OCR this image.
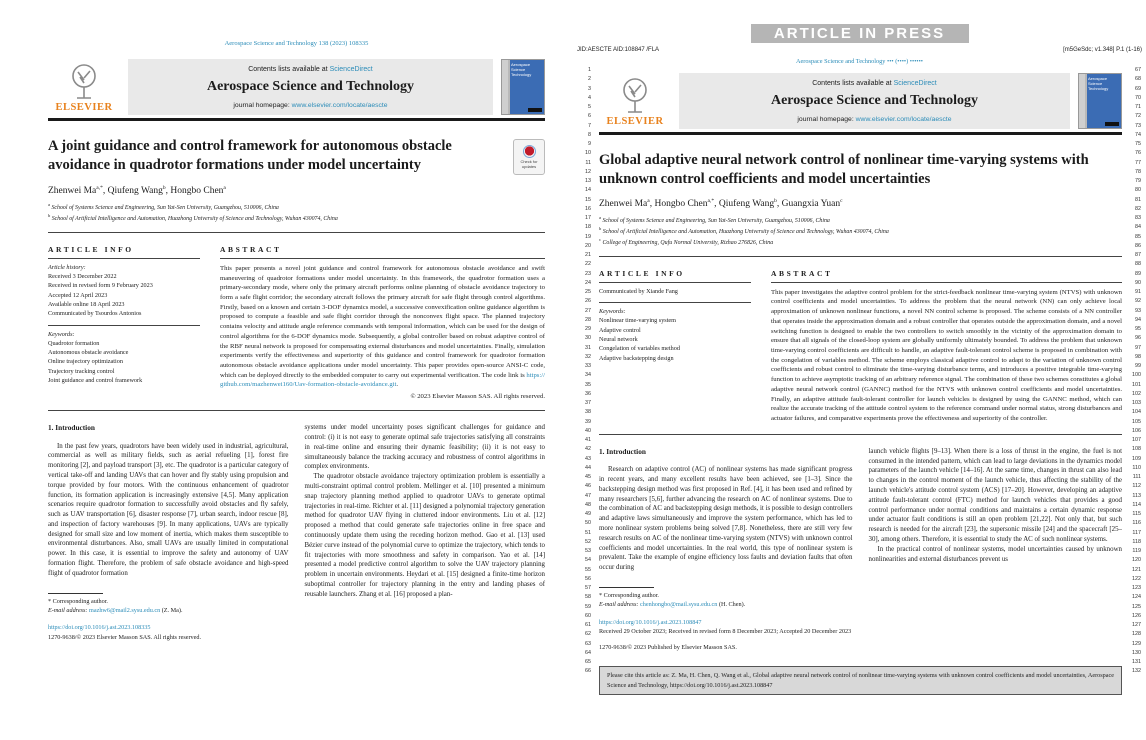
Aerospace Science and Technology 138 (2023) 108335
ELSEVIER
Contents lists available at ScienceDirect
Aerospace Science and Technology
journal homepage: www.elsevier.com/locate/aescte
Aerospace Science Technology
A joint guidance and control framework for autonomous obstacle avoidance in quadrotor formations under model uncertainty	Check for updates

Zhenwei $Ma^{a,*}$, Qiufeng Wang$^b$, Hongbo Chen$^a$

$^a$ School of Systems Science and Engineering, Sun Yat-Sen University, Guangzhou, 510006, China
$^b$ School of Artificial Intelligence and Automation, Huazhong University of Science and Technology, Wuhan 430074, China
ARTICLE INFO
Article history:
Received 3 December 2022
Received in revised form 9 February 2023
Accepted 12 April 2023
Available online 18 April 2023
Communicated by Tsourdos Antonios
Keywords:
Quadrotor formation
Autonomous obstacle avoidance
Online trajectory optimization
Trajectory tracking control
Joint guidance and control framework
ABSTRACT
This paper presents a novel joint guidance and control framework for autonomous obstacle avoidance and swift maneuvering of quadrotor formations under model uncertainty. In this framework, the quadrotor formation uses a primary-secondary mode, where only the primary aircraft performs online planning of obstacle avoidance trajectory to form a safe flight corridor; the secondary aircraft follows the primary aircraft for safe flight through control algorithms. Firstly, based on a known and certain 3-DOF dynamics model, a successive convexification online guidance algorithm is proposed to compute a feasible and safe flight corridor through the nonconvex flight space. The planned trajectory contains velocity and attitude angle reference commands with temporal information, which can be used for the design of control algorithms for the 6-DOF dynamics mode. Subsequently, a global controller based on robust adaptive control of the RBF neural network is proposed for compensating external disturbances and model uncertainties. Finally, simulation experiments verify the effectiveness and superiority of this guidance and control framework for quadrotor formation autonomous obstacle avoidance applications under model uncertainty. This paper provides open-source ANSI-C code, which can be deployed directly to the embedded computer to carry out experimental verification. The code link is https://github.com/mazhenwei160/Uav-formation-obstacle-avoidance.git.
© 2023 Elsevier Masson SAS. All rights reserved.
1. Introduction

In the past few years, quadrotors have been widely used in industrial, agricultural, commercial as well as military fields, such as aerial refueling [1], forest fire monitoring [2], and payload transport [3], etc. The quadrotor is a particular category of vertical take-off and landing UAVs that can hover and fly stably using propulsion and torque provided by four motors. With the continuous enhancement of quadrotor function, its formation application is increasingly extensive [4,5]. Many application scenarios require quadrotor formation to successfully avoid obstacles and fly safely, such as UAV transportation [6], disaster response [7], urban search, indoor rescue [8], and inspection of factory warehouses [9]. In many applications, UAVs are typically designed for small size and low moment of inertia, which makes them susceptible to environmental disturbances. Also, small UAVs are usually limited in computational power. In this case, it is essential to improve the safety and autonomy of UAV formation flight. Therefore, the problem of safe obstacle avoidance and high-speed flight of quadrotor formation

* Corresponding author.
E-mail address: mazhw6@mail2.sysu.edu.cn (Z. Ma).
https://doi.org/10.1016/j.ast.2023.108335
1270-9638/© 2023 Elsevier Masson SAS. All rights reserved.

systems under model uncertainty poses significant challenges for guidance and control: (i) it is not easy to generate optimal safe trajectories satisfying all constraints in real-time online and ensuring their dynamic feasibility; (ii) it is not easy to simultaneously balance the tracking accuracy and robustness of control algorithms in complex environments.

The quadrotor obstacle avoidance trajectory optimization problem is essentially a multi-constraint optimal control problem. Mellinger et al. [10] presented a minimum snap trajectory planning method applied to quadrotor UAVs to generate optimal trajectories in real-time. Richter et al. [11] designed a polynomial trajectory generation method for quadrotor UAV flying in cluttered indoor environments. Liu et al. [12] proposed a method that could generate safe trajectories online in free space and continuously update them using the receding horizon method. Gao et al. [13] used Bézier curve instead of the polynomial curve to optimize the trajectory, which tends to fit trajectories with more smoothness and safety in comparison. Yao et al. [14] presented a model predictive control algorithm to solve the UAV trajectory planning problem in uncertain environments. Heydari et al. [15] designed a finite-time horizon suboptimal controller for trajectory planning in the entry and landing phases of reusable launchers. Zhang et al. [16] proposed a plan-

ARTICLE IN PRESS
JID:AESCTE AID:108847 /FLA	[m5GeSdc; v1.348] P.1 (1-16)
Aerospace Science and Technology ••• (••••) ••••••
1
2
3
4
5
6
7
8
9
10
11
12
13
14
15
16
17
18
19
20
21
22
23
24
25
26
27
28
29
30
31
32
33
34
35
36
37
38
39
40
41
42
43
44
45
46
47
48
49
50
51
52
53
54
55
56
57
58
59
60
61
62
63
64
65
66

67
68
69
70
71
72
73
74
75
76
77
78
79
80
81
82
83
84
85
86
87
88
89
90
91
92
93
94
95
96
97
98
99
100
101
102
103
104
105
106
107
108
109
110
111
112
113
114
115
116
117
118
119
120
121
122
123
124
125
126
127
128
129
130
131
132

ELSEVIER
Contents lists available at ScienceDirect
Aerospace Science and Technology
journal homepage: www.elsevier.com/locate/aescte
Aerospace Science Technology
Global adaptive neural network control of nonlinear time-varying systems with unknown control coefficients and model uncertainties

Zhenwei Ma$^a$, Hongbo Chen$^{a,*}$, Qiufeng Wang$^b$, Guangxia Yuan$^c$

$^a$ School of Systems Science and Engineering, Sun Yat-Sen University, Guangzhou, 510006, China
$^b$ School of Artificial Intelligence and Automation, Huazhong University of Science and Technology, Wuhan 430074, China
$^c$ College of Engineering, Qufu Normal University, Rizhao 276826, China
ARTICLE INFO
Communicated by Xiande Fang
Keywords:
Nonlinear time-varying system
Adaptive control
Neural network
Congelation of variables method
Adaptive backstepping design
ABSTRACT
This paper investigates the adaptive control problem for the strict-feedback nonlinear time-varying system (NTVS) with unknown control coefficients and model uncertainties. To address the problem that the neural network (NN) can only achieve local approximation of unknown nonlinear functions, a novel NN control scheme is proposed. The scheme consists of a NN controller that operates inside the approximation domain and a robust controller that operates outside the approximation domain, and a novel switching function is designed to enable the two controllers to switch smoothly in the vicinity of the approximation domain to ensure that all signals of the closed-loop system are globally uniformly ultimately bounded. To address the problem that unknown time-varying control coefficients are difficult to handle, an adaptive fault-tolerant control scheme is proposed in combination with the congelation of variables method. The scheme employs classical adaptive control to adapt to the variation of unknown control coefficients and robust control to eliminate the time-varying disturbance terms, and introduces a positive integrable time-varying function to achieve asymptotic tracking of an arbitrary reference signal. The combination of these two schemes constitutes a global adaptive neural network control (GANNC) method for the NTVS with unknown control coefficients and model uncertainties. Finally, an adaptive attitude fault-tolerant controller for launch vehicles is designed by using the GANNC method, which can realize the accurate tracking of the attitude control system to the reference command under normal status, strong disturbances and actuator failures, and comparative experiments prove the effectiveness and superiority of the controller.
1. Introduction

Research on adaptive control (AC) of nonlinear systems has made significant progress in recent years, and many excellent results have been achieved, see [1–3]. Since the backstepping design method was first proposed in Ref. [4], it has been used and refined by many researchers [5,6], further advancing the research on AC of nonlinear systems. Due to the combination of AC and backstepping design methods, it is possible to design controllers and adaptive laws simultaneously and improve the system performance, which has led to more nonlinear system problems being solved [7,8]. Nonetheless, there are still very few research results on AC of the nonlinear time-varying system (NTVS) with unknown control coefficients and model uncertainties. In the real world, this type of nonlinear system is prevalent. Take the example of engine efficiency loss faults and deviation faults that often occur during

launch vehicle flights [9–13]. When there is a loss of thrust in the engine, the fuel is not consumed in the intended pattern, which can lead to large deviations in the dynamics model parameters of the launch vehicle [14–16]. At the same time, changes in thrust can also lead to changes in the control moment of the launch vehicle, thus affecting the stability of the launch vehicle's attitude control system (ACS) [17–20]. However, developing an adaptive attitude fault-tolerant control (FTC) method for launch vehicles that provides a good control performance under normal conditions and maintains a certain dynamic response under actuator fault conditions is still an open problem [21,22]. Not only that, but such research is needed for the aircraft [23], the supersonic missile [24] and the spacecraft [25–30], among others. Therefore, it is essential to study the AC of such nonlinear systems.

In the practical control of nonlinear systems, model uncertainties caused by unknown nonlinearities and external disturbances prevent us

* Corresponding author.
E-mail address: chenhongbo@mail.sysu.edu.cn (H. Chen).
https://doi.org/10.1016/j.ast.2023.108847
Received 29 October 2023; Received in revised form 8 December 2023; Accepted 20 December 2023
1270-9638/© 2023 Published by Elsevier Masson SAS.
Please cite this article as: Z. Ma, H. Chen, Q. Wang et al., Global adaptive neural network control of nonlinear time-varying systems with unknown control coefficients and model uncertainties, Aerospace Science and Technology, https://doi.org/10.1016/j.ast.2023.108847
